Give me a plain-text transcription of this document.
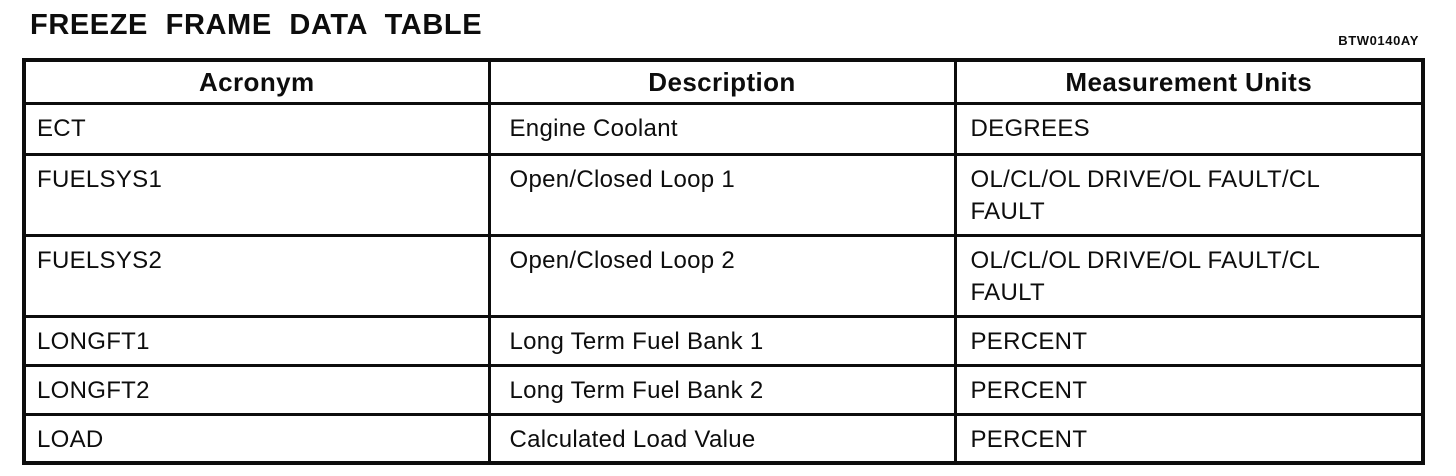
FREEZE FRAME DATA TABLE	BTW0140AY
Acronym	Description	Measurement Units
ECT	Engine Coolant	DEGREES

FUELSYS1	Open/Closed Loop 1	OL/CL/OL DRIVE/OL FAULT/CL FAULT

FUELSYS2	Open/Closed Loop 2	OL/CL/OL DRIVE/OL FAULT/CL FAULT

LONGFT1	Long Term Fuel Bank 1	PERCENT

LONGFT2	Long Term Fuel Bank 2	PERCENT

LOAD	Calculated Load Value	PERCENT
